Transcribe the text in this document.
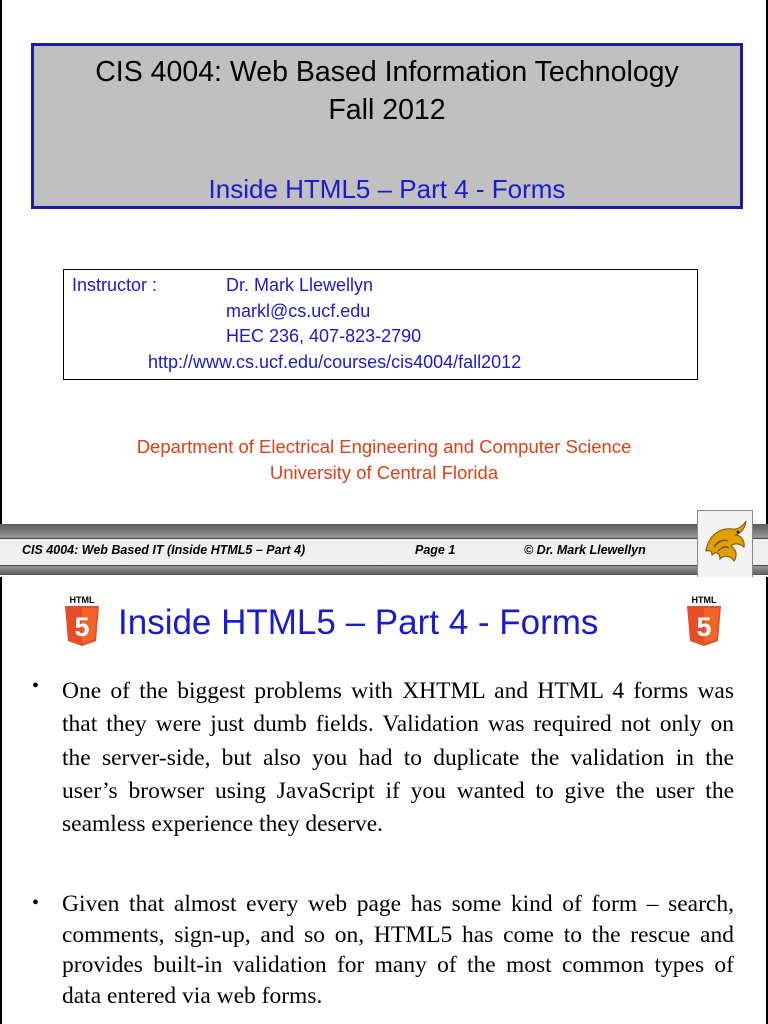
CIS 4004: Web Based Information Technology
Fall 2012
Inside HTML5 – Part 4 - Forms
Instructor :	Dr. Mark Llewellyn
markl@cs.ucf.edu
HEC 236, 407-823-2790
http://www.cs.ucf.edu/courses/cis4004/fall2012
Department of Electrical Engineering and Computer Science
University of Central Florida
CIS 4004: Web Based IT (Inside HTML5 – Part 4)	Page 1	© Dr. Mark Llewellyn
HTML
5 Inside HTML5 – Part 4 - Forms
HTML
5
• One of the biggest problems with XHTML and HTML 4 forms was that they were just dumb fields. Validation was required not only on the server-side, but also you had to duplicate the validation in the user’s browser using JavaScript if you wanted to give the user the seamless experience they deserve.
• Given that almost every web page has some kind of form – search, comments, sign-up, and so on, HTML5 has come to the rescue and provides built-in validation for many of the most common types of data entered via web forms.
